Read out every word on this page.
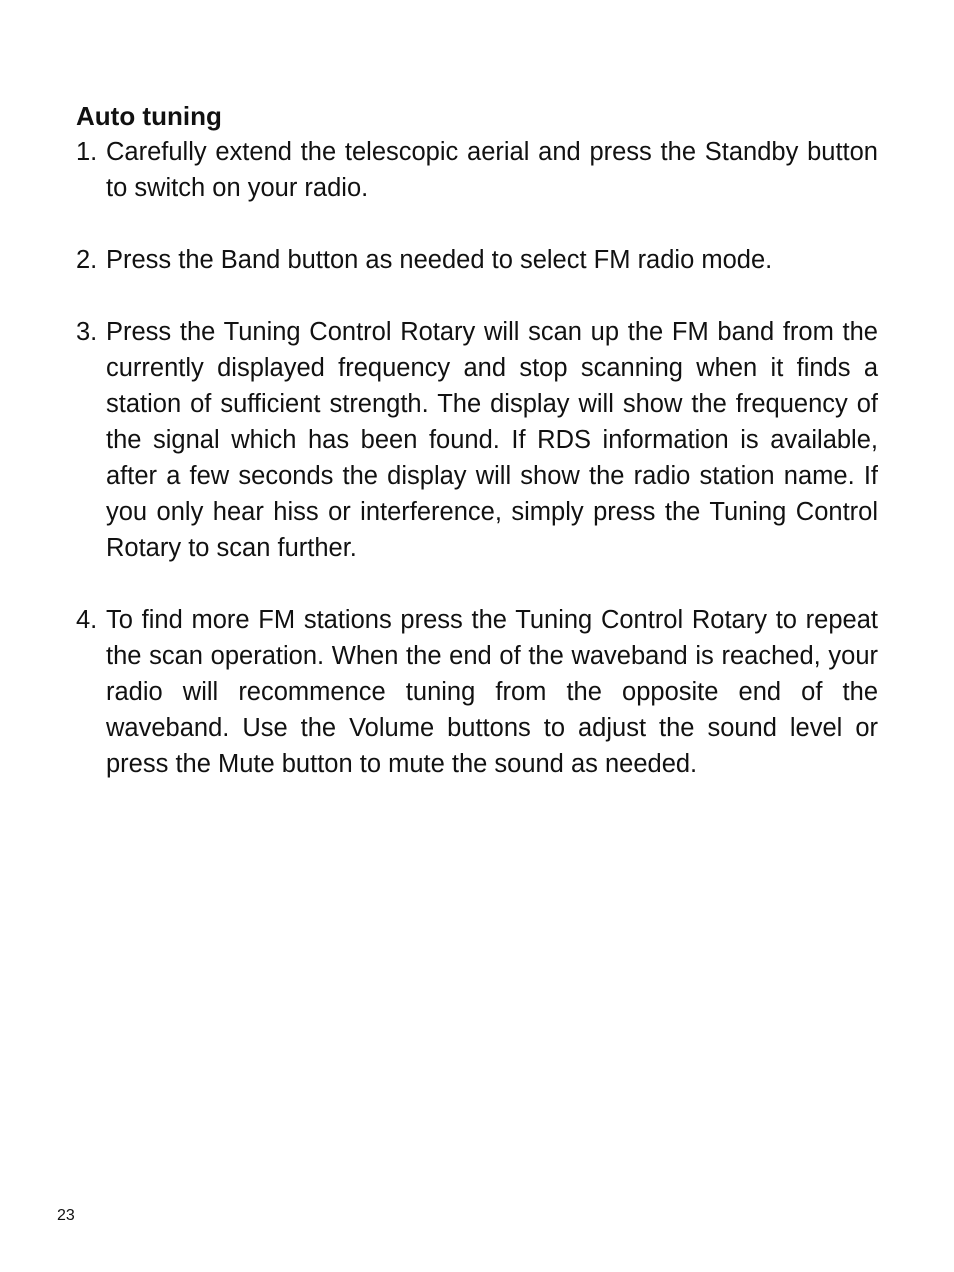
Auto tuning
1. Carefully extend the telescopic aerial and press the Standby button to switch on your radio.
2. Press the Band button as needed to select FM radio mode.
3. Press the Tuning Control Rotary will scan up the FM band from the currently displayed frequency and stop scanning when it finds a station of sufficient strength. The display will show the frequency of the signal which has been found. If RDS information is available, after a few seconds the display will show the radio station name. If you only hear hiss or interference, simply press the Tuning Control Rotary to scan further.
4. To find more FM stations press the Tuning Control Rotary to repeat the scan operation. When the end of the waveband is reached, your radio will recommence tuning from the opposite end of the waveband. Use the Volume buttons to adjust the sound level or press the Mute button to mute the sound as needed.
23
